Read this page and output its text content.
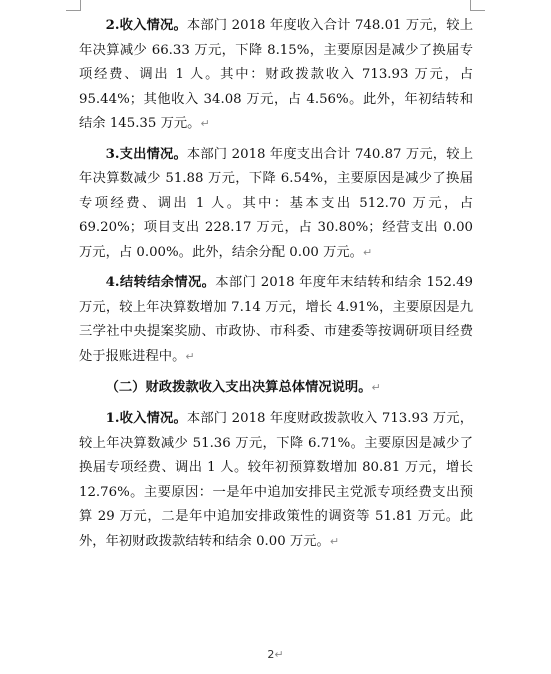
2.收入情况。本部门 2018 年度收入合计 748.01 万元，较上年决算减少 66.33 万元，下降 8.15%，主要原因是减少了换届专项经费、调出 1 人。其中：财政拨款收入 713.93 万元，占 95.44%；其他收入 34.08 万元，占 4.56%。此外，年初结转和结余 145.35 万元。↵

3.支出情况。本部门 2018 年度支出合计 740.87 万元，较上年决算数减少 51.88 万元，下降 6.54%，主要原因是减少了换届专项经费、调出 1 人。其中：基本支出 512.70 万元，占 69.20%；项目支出 228.17 万元，占 30.80%；经营支出 0.00 万元，占 0.00%。此外，结余分配 0.00 万元。↵

4.结转结余情况。本部门 2018 年度年末结转和结余 152.49 万元，较上年决算数增加 7.14 万元，增长 4.91%，主要原因是九三学社中央提案奖励、市政协、市科委、市建委等按调研项目经费处于报账进程中。↵

（二）财政拨款收入支出决算总体情况说明。↵

1.收入情况。本部门 2018 年度财政拨款收入 713.93 万元，较上年决算数减少 51.36 万元，下降 6.71%。主要原因是减少了换届专项经费、调出 1 人。较年初预算数增加 80.81 万元，增长 12.76%。主要原因：一是年中追加安排民主党派专项经费支出预算 29 万元，二是年中追加安排政策性的调资等 51.81 万元。此外，年初财政拨款结转和结余 0.00 万元。↵

2↵
